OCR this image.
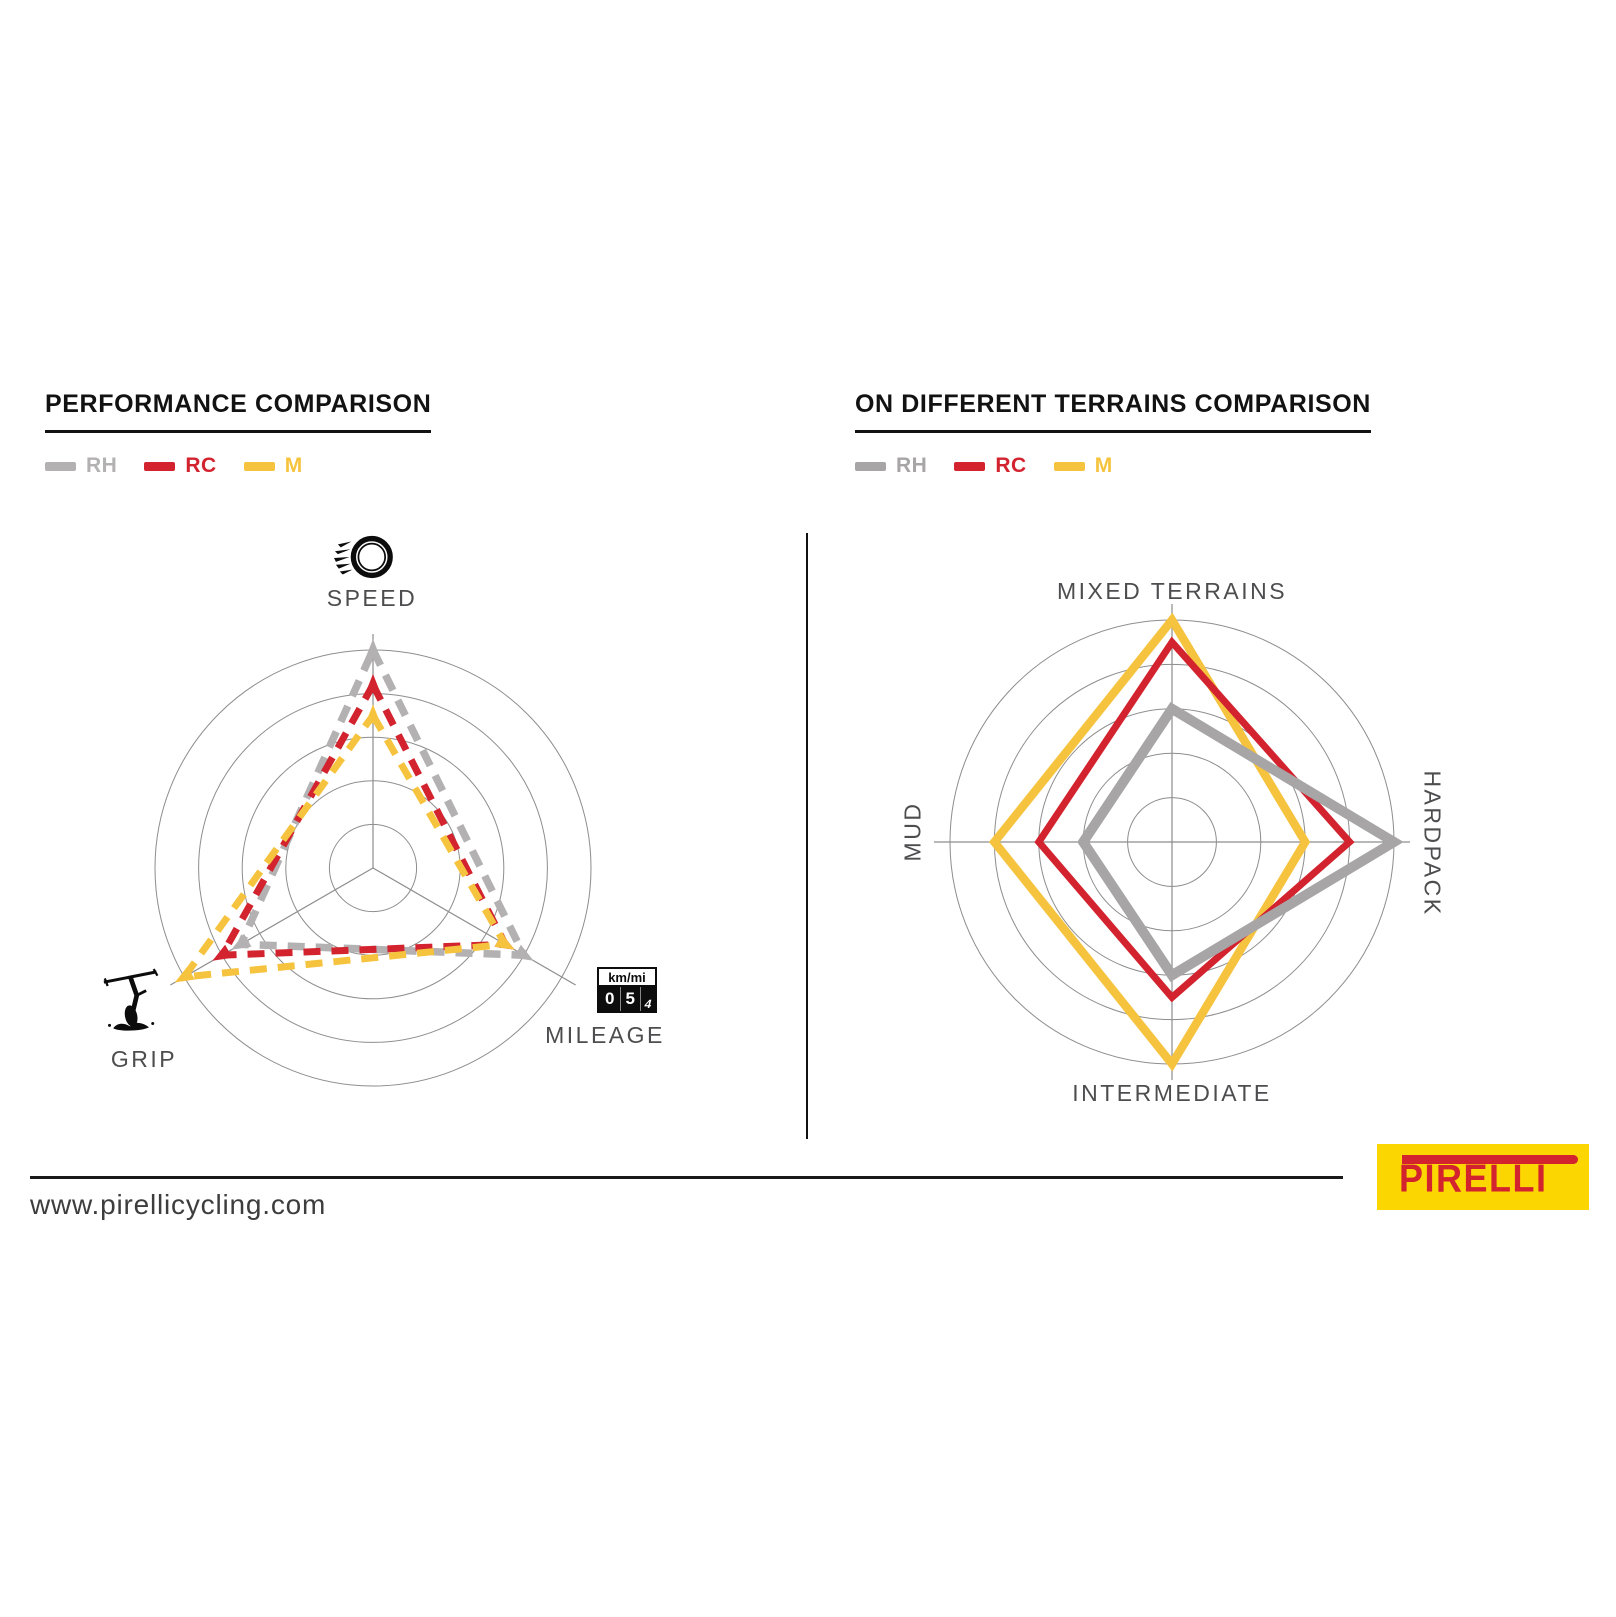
PERFORMANCE COMPARISON
RH	RC	M
ON DIFFERENT TERRAINS COMPARISON
RH	RC	M
SPEED
GRIP
km/mi
0 5 4
MILEAGE
MIXED TERRAINS
HARDPACK
INTERMEDIATE
MUD
www.pirellicycling.com
PIRELLI
